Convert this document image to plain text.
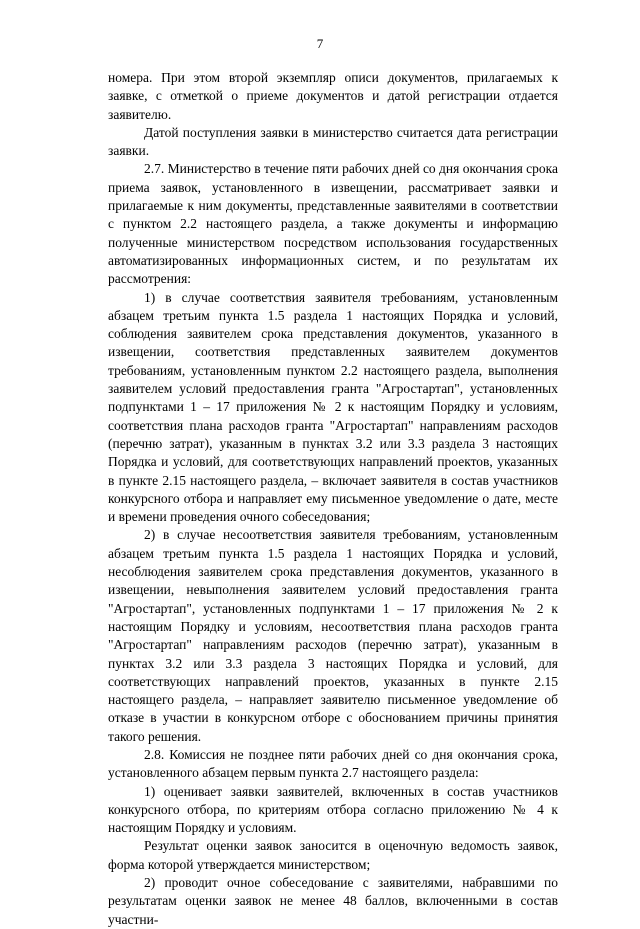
7

номера. При этом второй экземпляр описи документов, прилагаемых к заявке, с отметкой о приеме документов и датой регистрации отдается заявителю.

Датой поступления заявки в министерство считается дата регистрации заявки.

2.7. Министерство в течение пяти рабочих дней со дня окончания срока приема заявок, установленного в извещении, рассматривает заявки и прилагаемые к ним документы, представленные заявителями в соответствии с пунктом 2.2 настоящего раздела, а также документы и информацию полученные министерством посредством использования государственных автоматизированных информационных систем, и по результатам их рассмотрения:

1) в случае соответствия заявителя требованиям, установленным абзацем третьим пункта 1.5 раздела 1 настоящих Порядка и условий, соблюдения заявителем срока представления документов, указанного в извещении, соответствия представленных заявителем документов требованиям, установленным пунктом 2.2 настоящего раздела, выполнения заявителем условий предоставления гранта "Агростартап", установленных подпунктами 1 – 17 приложения № 2 к настоящим Порядку и условиям, соответствия плана расходов гранта "Агростартап" направлениям расходов (перечню затрат), указанным в пунктах 3.2 или 3.3 раздела 3 настоящих Порядка и условий, для соответствующих направлений проектов, указанных в пункте 2.15 настоящего раздела, – включает заявителя в состав участников конкурсного отбора и направляет ему письменное уведомление о дате, месте и времени проведения очного собеседования;

2) в случае несоответствия заявителя требованиям, установленным абзацем третьим пункта 1.5 раздела 1 настоящих Порядка и условий, несоблюдения заявителем срока представления документов, указанного в извещении, невыполнения заявителем условий предоставления гранта "Агростартап", установленных подпунктами 1 – 17 приложения № 2 к настоящим Порядку и условиям, несоответствия плана расходов гранта "Агростартап" направлениям расходов (перечню затрат), указанным в пунктах 3.2 или 3.3 раздела 3 настоящих Порядка и условий, для соответствующих направлений проектов, указанных в пункте 2.15 настоящего раздела, – направляет заявителю письменное уведомление об отказе в участии в конкурсном отборе с обоснованием причины принятия такого решения.

2.8. Комиссия не позднее пяти рабочих дней со дня окончания срока, установленного абзацем первым пункта 2.7 настоящего раздела:

1) оценивает заявки заявителей, включенных в состав участников конкурсного отбора, по критериям отбора согласно приложению № 4 к настоящим Порядку и условиям.

Результат оценки заявок заносится в оценочную ведомость заявок, форма которой утверждается министерством;

2) проводит очное собеседование с заявителями, набравшими по результатам оценки заявок не менее 48 баллов, включенными в состав участни-
